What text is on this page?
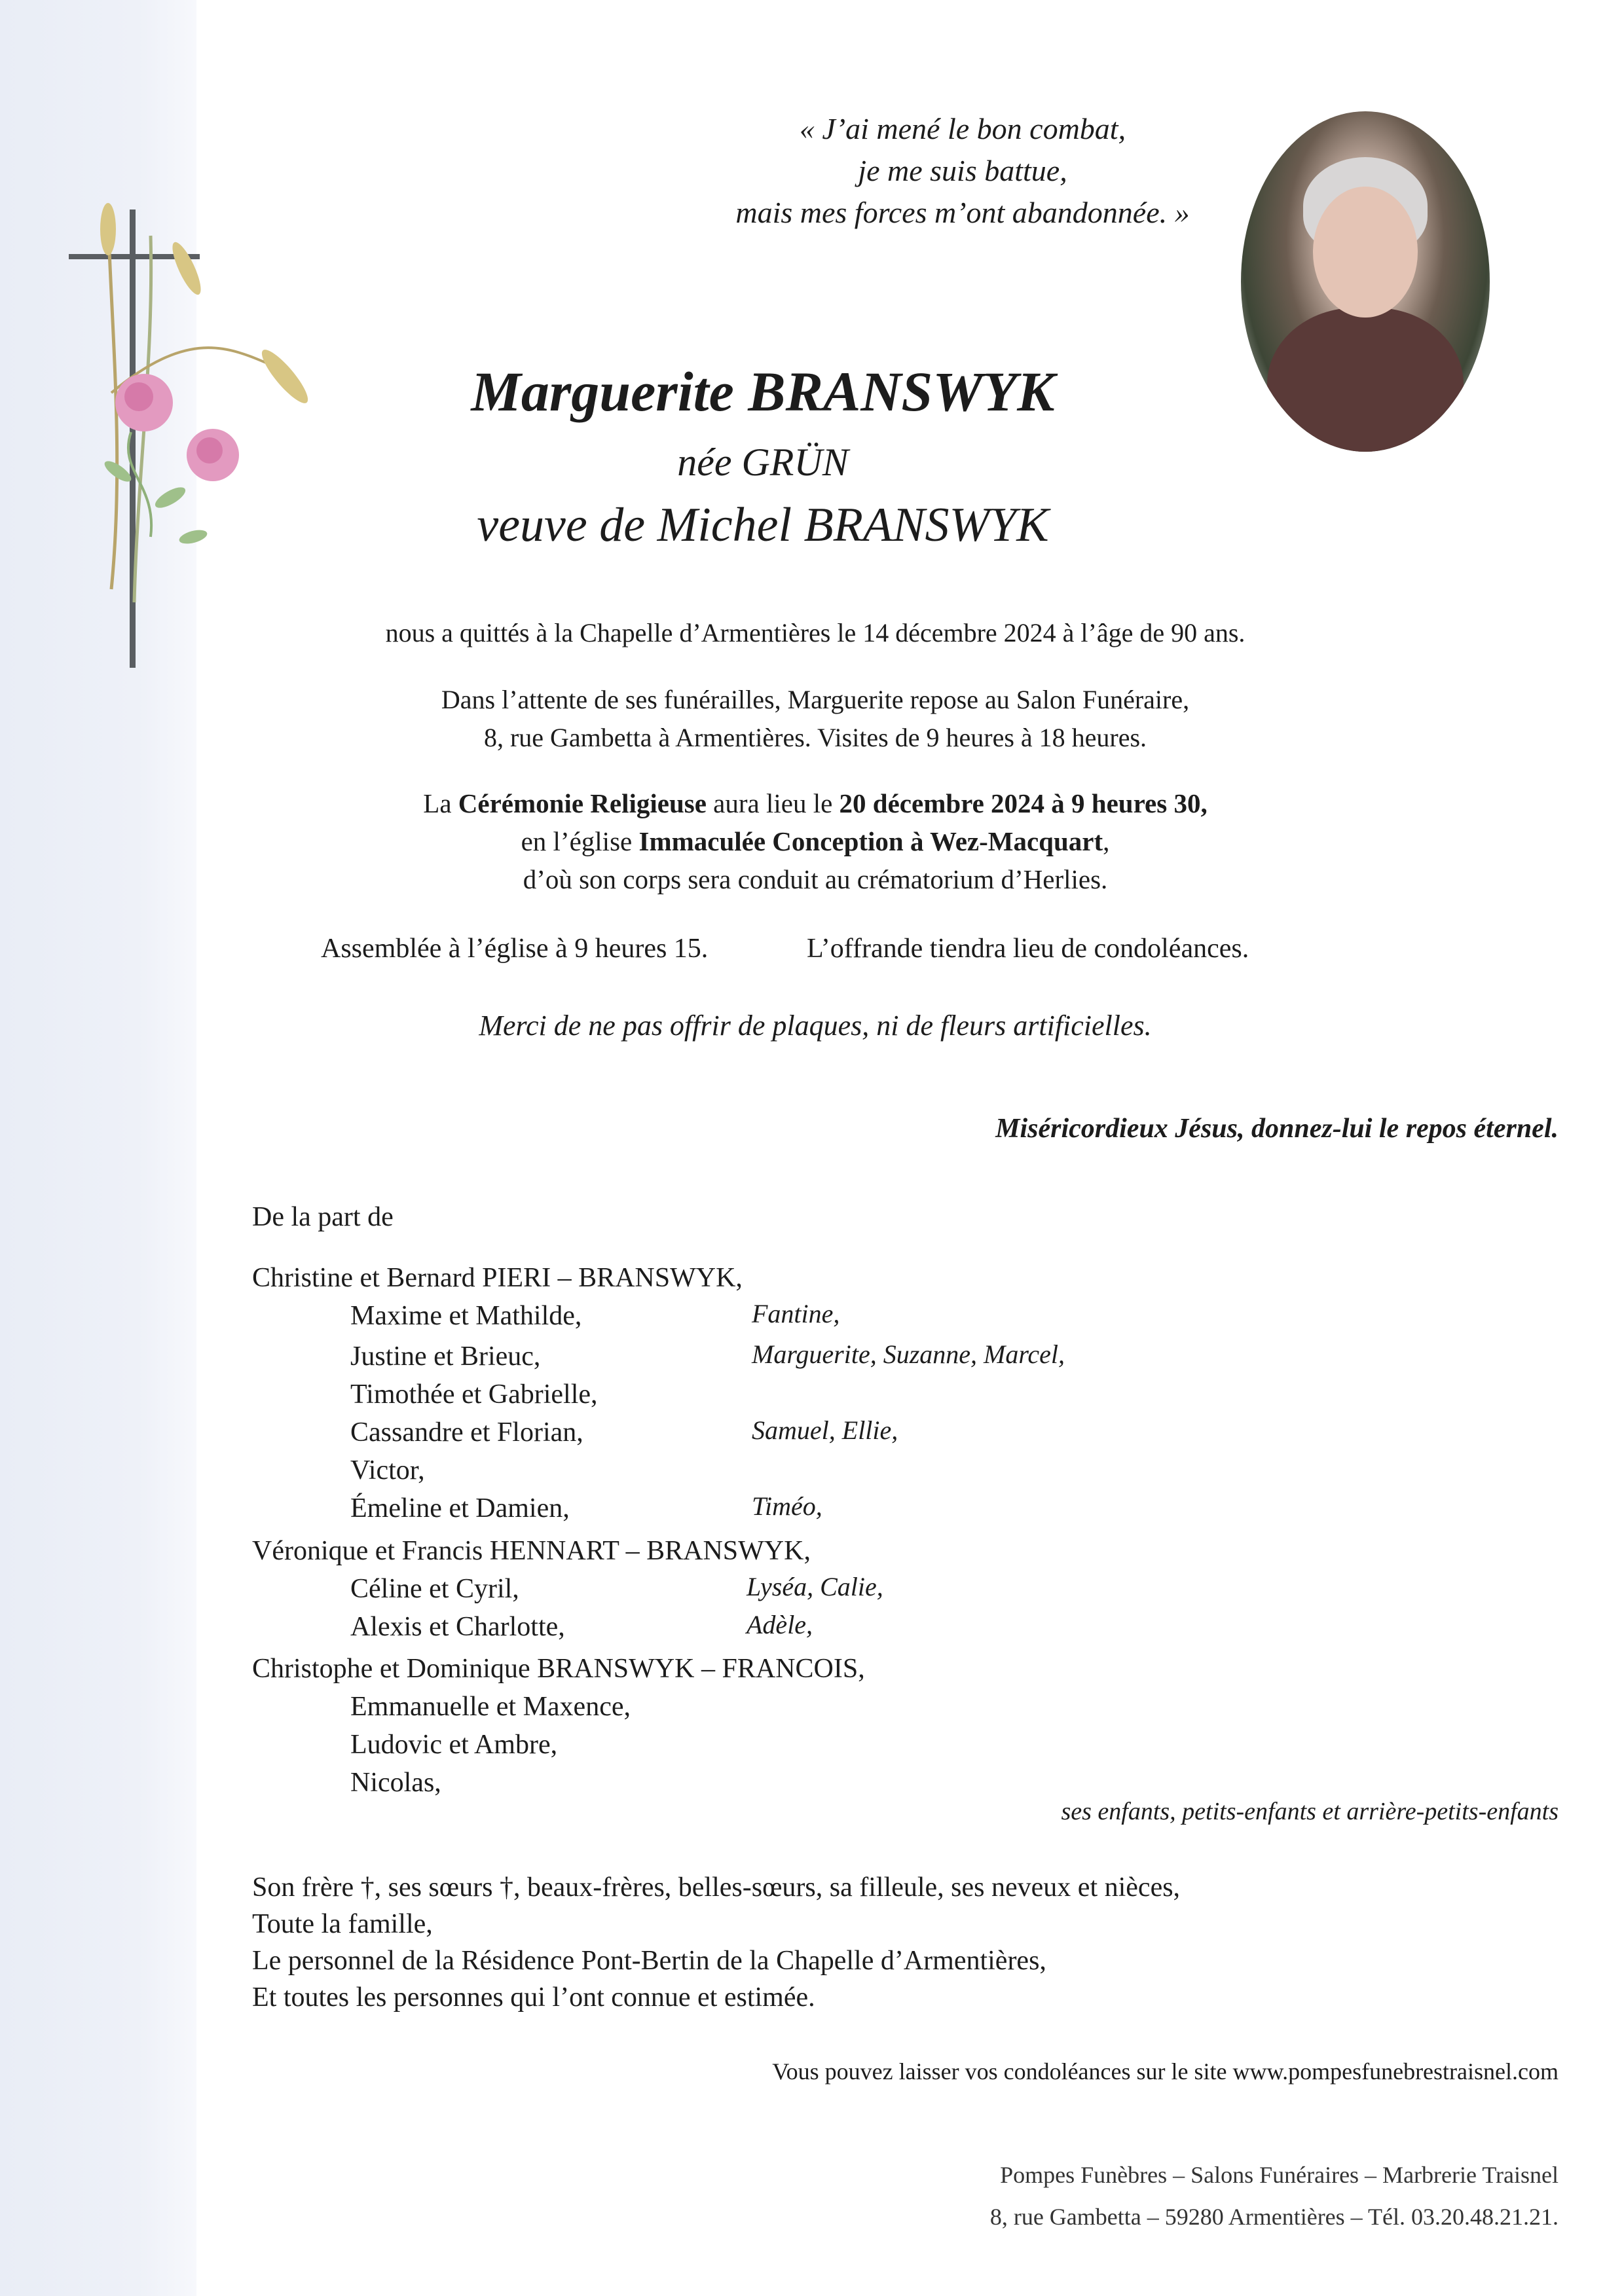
« J’ai mené le bon combat,
je me suis battue,
mais mes forces m’ont abandonnée. »
Marguerite BRANSWYK
née GRÜN
veuve de Michel BRANSWYK
nous a quittés à la Chapelle d’Armentières le 14 décembre 2024 à l’âge de 90 ans.
Dans l’attente de ses funérailles, Marguerite repose au Salon Funéraire,
8, rue Gambetta à Armentières. Visites de 9 heures à 18 heures.
La Cérémonie Religieuse aura lieu le 20 décembre 2024 à 9 heures 30,
en l’église Immaculée Conception à Wez-Macquart,
d’où son corps sera conduit au crématorium d’Herlies.
Assemblée à l’église à 9 heures 15.	L’offrande tiendra lieu de condoléances.
Merci de ne pas offrir de plaques, ni de fleurs artificielles.
Miséricordieux Jésus, donnez-lui le repos éternel.
De la part de
Christine et Bernard PIERI – BRANSWYK,
Maxime et Mathilde,	Fantine,
Justine et Brieuc,	Marguerite, Suzanne, Marcel,
Timothée et Gabrielle,
Cassandre et Florian,	Samuel, Ellie,
Victor,
Émeline et Damien,	Timéo,
Véronique et Francis HENNART – BRANSWYK,
Céline et Cyril,	Lyséa, Calie,
Alexis et Charlotte,	Adèle,
Christophe et Dominique BRANSWYK – FRANCOIS,
Emmanuelle et Maxence,
Ludovic et Ambre,
Nicolas,
ses enfants, petits-enfants et arrière-petits-enfants
Son frère †, ses sœurs †, beaux-frères, belles-sœurs, sa filleule, ses neveux et nièces,
Toute la famille,
Le personnel de la Résidence Pont-Bertin de la Chapelle d’Armentières,
Et toutes les personnes qui l’ont connue et estimée.
Vous pouvez laisser vos condoléances sur le site www.pompesfunebrestraisnel.com
Pompes Funèbres – Salons Funéraires – Marbrerie Traisnel
8, rue Gambetta – 59280 Armentières – Tél. 03.20.48.21.21.
